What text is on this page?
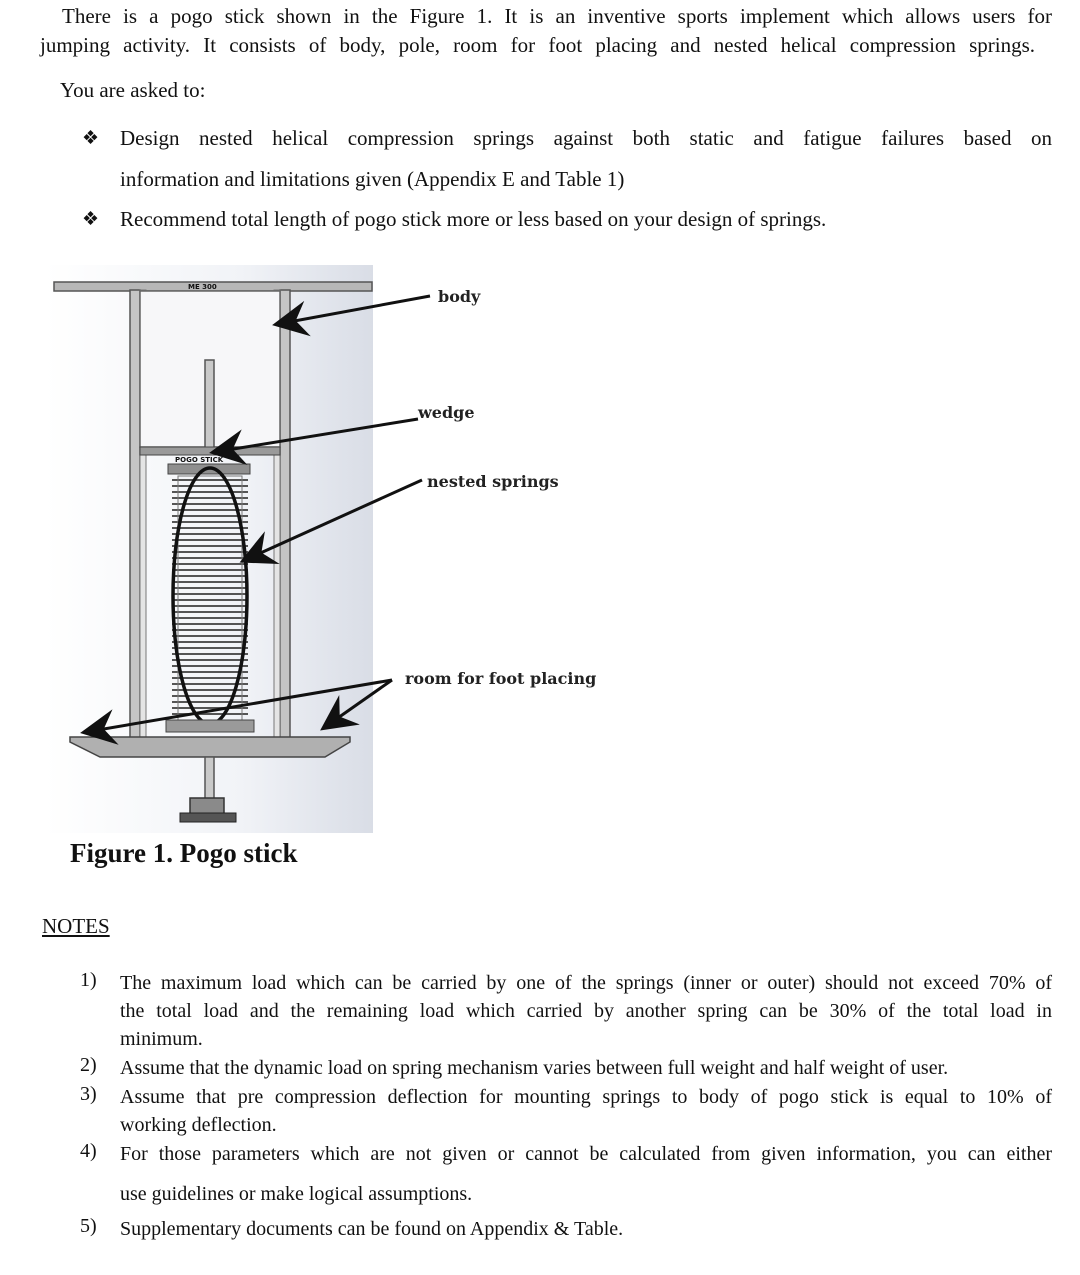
There is a pogo stick shown in the Figure 1. It is an inventive sports implement which allows users for
jumping activity. It consists of body, pole, room for foot placing and nested helical compression springs.
You are asked to:
❖ Design nested helical compression springs against both static and fatigue failures based on
information and limitations given (Appendix E and Table 1)
❖ Recommend total length of pogo stick more or less based on your design of springs.
ME 300
POGO STICK
body
wedge
nested springs
room for foot placing
Figure 1. Pogo stick
NOTES
1) The maximum load which can be carried by one of the springs (inner or outer) should not exceed 70% of
the total load and the remaining load which carried by another spring can be 30% of the total load in
minimum.
2) Assume that the dynamic load on spring mechanism varies between full weight and half weight of user.
3) Assume that pre compression deflection for mounting springs to body of pogo stick is equal to 10% of
working deflection.
4) For those parameters which are not given or cannot be calculated from given information, you can either
use guidelines or make logical assumptions.
5) Supplementary documents can be found on Appendix & Table.
